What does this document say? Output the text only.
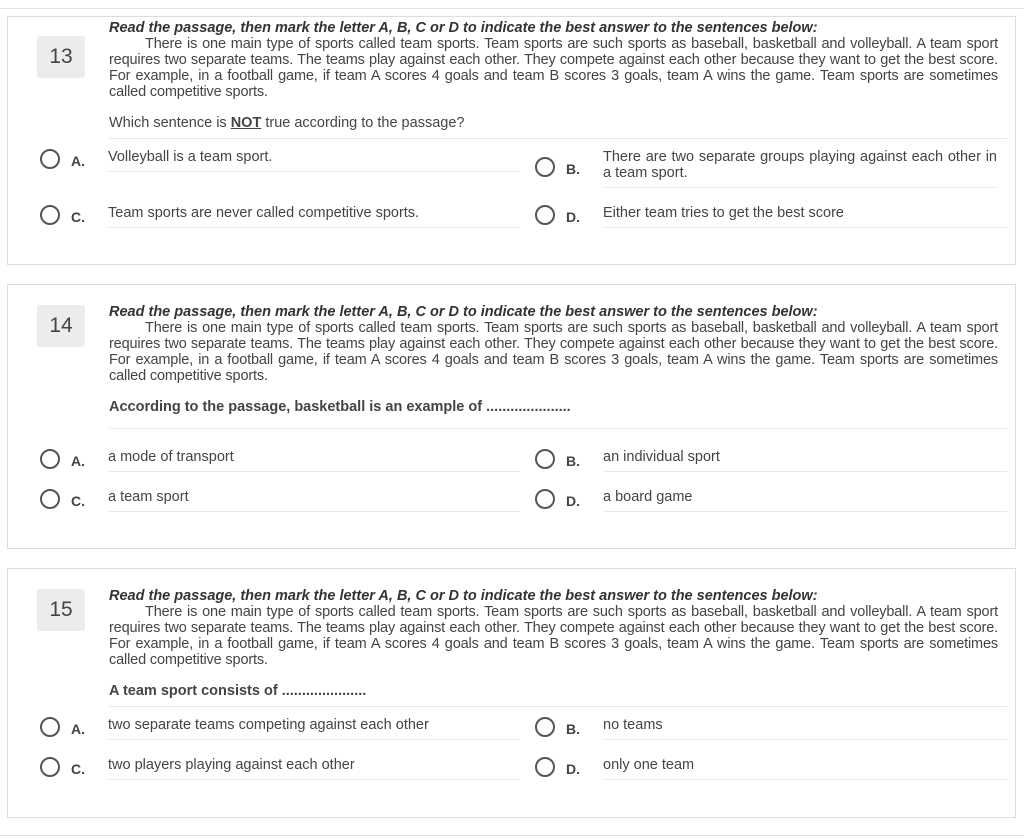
13

Read the passage, then mark the letter A, B, C or D to indicate the best answer to the sentences below:

There is one main type of sports called team sports. Team sports are such sports as baseball, basketball and volleyball. A team sport requires two separate teams. The teams play against each other. They compete against each other because they want to get the best score. For example, in a football game, if team A scores 4 goals and team B scores 3 goals, team A wins the game. Team sports are sometimes called competitive sports.

Which sentence is NOT true according to the passage?
A. Volleyball is a team sport.
B.
There are two separate groups playing against each other in a team sport.
C. Team sports are never called competitive sports.	D. Either team tries to get the best score
14

Read the passage, then mark the letter A, B, C or D to indicate the best answer to the sentences below:

There is one main type of sports called team sports. Team sports are such sports as baseball, basketball and volleyball. A team sport requires two separate teams. The teams play against each other. They compete against each other because they want to get the best score. For example, in a football game, if team A scores 4 goals and team B scores 3 goals, team A wins the game. Team sports are sometimes called competitive sports.

According to the passage, basketball is an example of .....................
A. a mode of transport	B. an individual sport
C. a team sport	D. a board game
15

Read the passage, then mark the letter A, B, C or D to indicate the best answer to the sentences below:

There is one main type of sports called team sports. Team sports are such sports as baseball, basketball and volleyball. A team sport requires two separate teams. The teams play against each other. They compete against each other because they want to get the best score. For example, in a football game, if team A scores 4 goals and team B scores 3 goals, team A wins the game. Team sports are sometimes called competitive sports.

A team sport consists of .....................
A. two separate teams competing against each other	B. no teams
C. two players playing against each other	D. only one team
